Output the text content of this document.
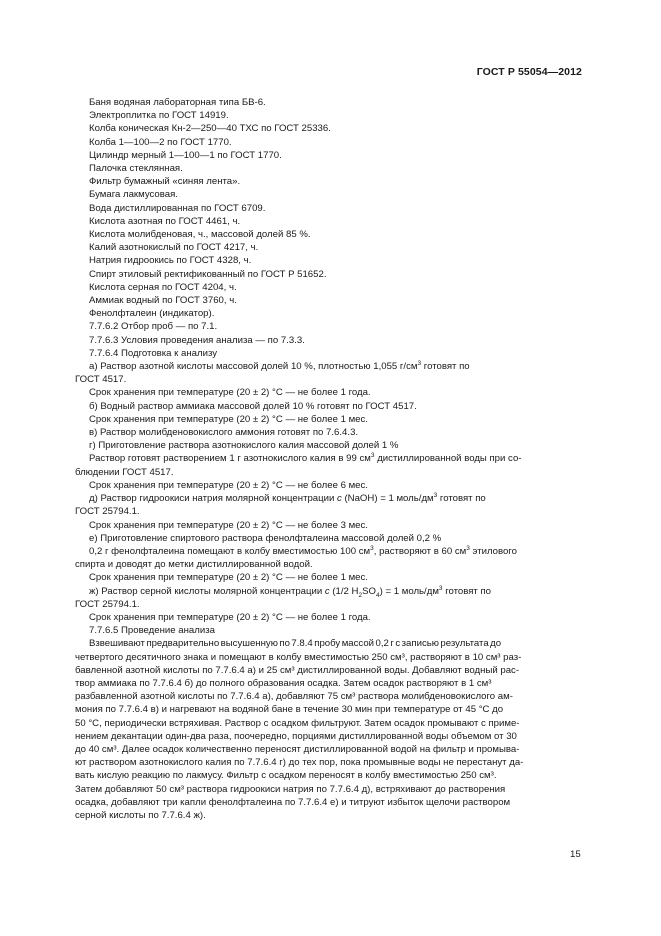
ГОСТ Р 55054—2012
Баня водяная лабораторная типа БВ-6.
Электроплитка по ГОСТ 14919.
Колба коническая Кн-2—250—40 ТХС по ГОСТ 25336.
Колба 1—100—2 по ГОСТ 1770.
Цилиндр мерный 1—100—1 по ГОСТ 1770.
Палочка стеклянная.
Фильтр бумажный «синяя лента».
Бумага лакмусовая.
Вода дистиллированная по ГОСТ 6709.
Кислота азотная по ГОСТ 4461, ч.
Кислота молибденовая, ч., массовой долей 85 %.
Калий азотнокислый по ГОСТ 4217, ч.
Натрия гидроокись по ГОСТ 4328, ч.
Спирт этиловый ректификованный по ГОСТ Р 51652.
Кислота серная по ГОСТ 4204, ч.
Аммиак водный по ГОСТ 3760, ч.
Фенолфталеин (индикатор).
7.7.6.2 Отбор проб — по 7.1.
7.7.6.3 Условия проведения анализа — по 7.3.3.
7.7.6.4 Подготовка к анализу
а) Раствор азотной кислоты массовой долей 10 %, плотностью 1,055 $г/см^3$ готовят по
ГОСТ 4517.
Срок хранения при температуре (20 ± 2) °С — не более 1 года.
б) Водный раствор аммиака массовой долей 10 % готовят по ГОСТ 4517.
Срок хранения при температуре (20 ± 2) °С — не более 1 мес.
в) Раствор молибденовокислого аммония готовят по 7.6.4.3.
г) Приготовление раствора азотнокислого калия массовой долей 1 %
Раствор готовят растворением 1 г азотнокислого калия в 99 $см^3$ дистиллированной воды при со-
блюдении ГОСТ 4517.
Срок хранения при температуре (20 ± 2) °С — не более 6 мес.
д) Раствор гидроокиси натрия молярной концентрации c (NaOH) = 1 моль/$дм^3$ готовят по
ГОСТ 25794.1.
Срок хранения при температуре (20 ± 2) °С — не более 3 мес.
е) Приготовление спиртового раствора фенолфталеина массовой долей 0,2 %
0,2 г фенолфталеина помещают в колбу вместимостью 100 $см^3$, растворяют в 60 $см^3$ этилового
спирта и доводят до метки дистиллированной водой.
Срок хранения при температуре (20 ± 2) °С — не более 1 мес.
ж) Раствор серной кислоты молярной концентрации c (1/2 $H_2SO_4) = 1$ моль/$дм^3$ готовят по
ГОСТ 25794.1.
Срок хранения при температуре (20 ± 2) °С — не более 1 года.
7.7.6.5 Проведение анализа
Взвешивают предварительно высушенную по 7.8.4 пробу массой 0,2 г с записью результата до
четвертого десятичного знака и помещают в колбу вместимостью 250 см³, растворяют в 10 см³ раз-
бавленной азотной кислоты по 7.7.6.4 а) и 25 см³ дистиллированной воды. Добавляют водный рас-
твор аммиака по 7.7.6.4 б) до полного образования осадка. Затем осадок растворяют в 1 см³
разбавленной азотной кислоты по 7.7.6.4 а), добавляют 75 см³ раствора молибденовокислого ам-
мония по 7.7.6.4 в) и нагревают на водяной бане в течение 30 мин при температуре от 45 °С до
50 °С, периодически встряхивая. Раствор с осадком фильтруют. Затем осадок промывают с приме-
нением декантации один-два раза, поочередно, порциями дистиллированной воды объемом от 30
до 40 см³. Далее осадок количественно переносят дистиллированной водой на фильтр и промыва-
ют раствором азотнокислого калия по 7.7.6.4 г) до тех пор, пока промывные воды не перестанут да-
вать кислую реакцию по лакмусу. Фильтр с осадком переносят в колбу вместимостью 250 см³.
Затем добавляют 50 см³ раствора гидроокиси натрия по 7.7.6.4 д), встряхивают до растворения
осадка, добавляют три капли фенолфталеина по 7.7.6.4 е) и титруют избыток щелочи раствором
серной кислоты по 7.7.6.4 ж).
15
